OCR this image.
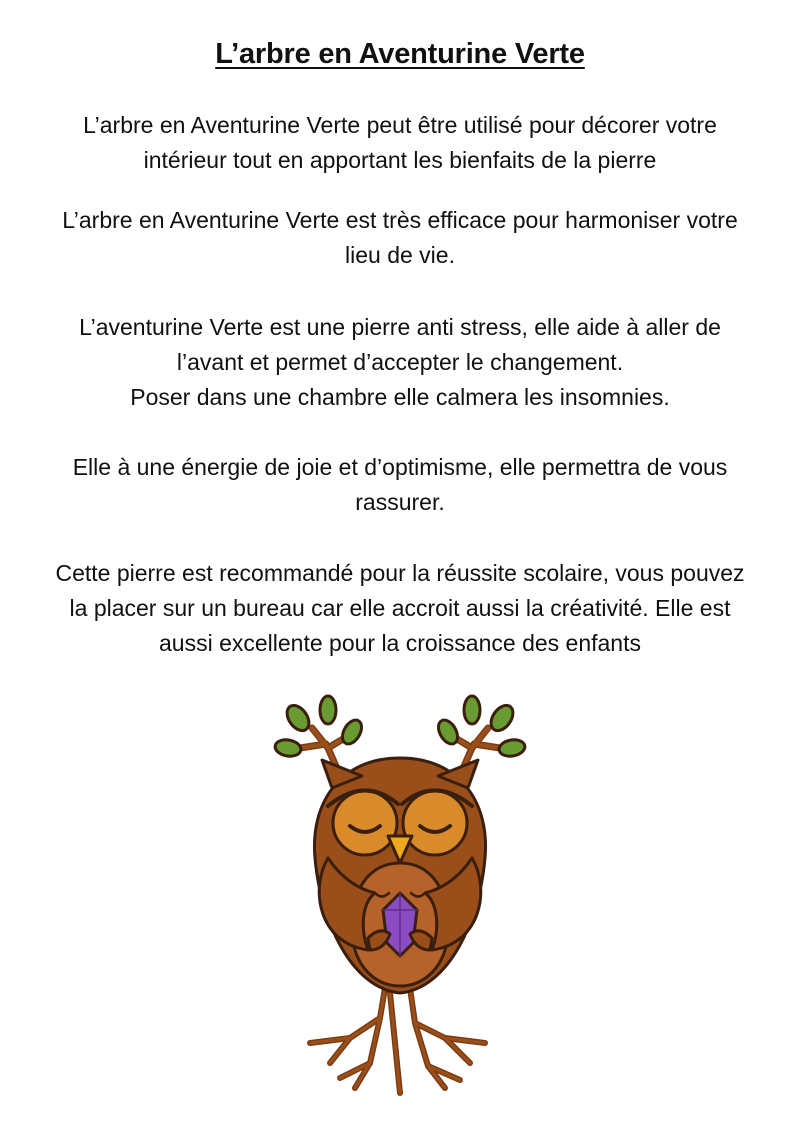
L’arbre en Aventurine Verte

L’arbre en Aventurine Verte peut être utilisé pour décorer votre
intérieur tout en apportant les bienfaits de la pierre

L’arbre en Aventurine Verte est très efficace pour harmoniser votre
lieu de vie.

L’aventurine Verte est une pierre anti stress, elle aide à aller de
l’avant et permet d’accepter le changement.
Poser dans une chambre elle calmera les insomnies.

Elle à une énergie de joie et d’optimisme, elle permettra de vous
rassurer.

Cette pierre est recommandé pour la réussite scolaire, vous pouvez
la placer sur un bureau car elle accroit aussi la créativité. Elle est
aussi excellente pour la croissance des enfants
